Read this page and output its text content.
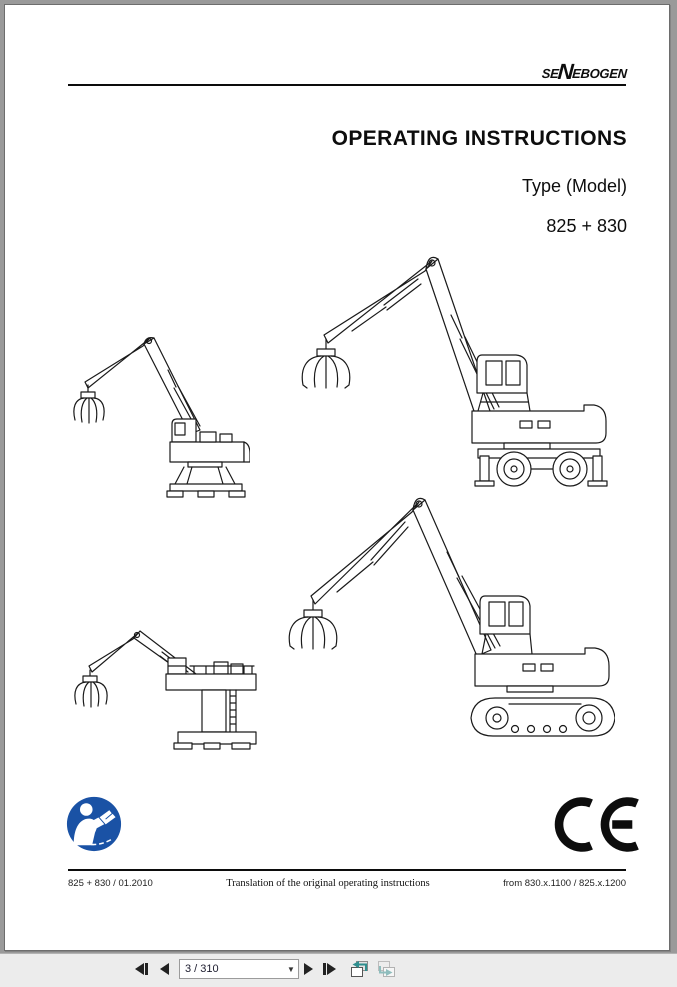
SE
N
EBOGEN
OPERATING INSTRUCTIONS
Type (Model)
825 + 830
825 + 830 / 01.2010	Translation of the original operating instructions	from 830.x.1100 / 825.x.1200
3 / 310
▼
